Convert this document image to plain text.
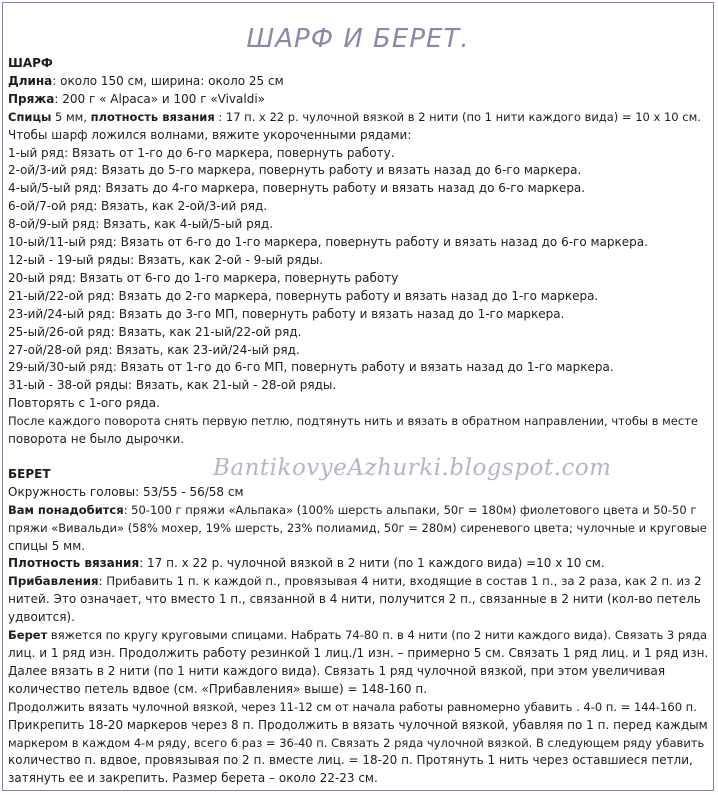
ШАРФ И БЕРЕТ.

ШАРФ

Длина: около 150 см, ширина: около 25 см

Пряжа: 200 г « Alpaca» и 100 г «Vivaldi»

Спицы 5 мм, плотность вязания : 17 п. х 22 р. чулочной вязкой в 2 нити (по 1 нити каждого вида) = 10 х 10 см.

Чтобы шарф ложился волнами, вяжите укороченными рядами:

1-ый ряд: Вязать от 1-го до 6-го маркера, повернуть работу.

2-ой/3-ий ряд: Вязать до 5-го маркера, повернуть работу и вязать назад до 6-го маркера.

4-ый/5-ый ряд: Вязать до 4-го маркера, повернуть работу и вязать назад до 6-го маркера.

6-ой/7-ой ряд: Вязать, как 2-ой/3-ий ряд.

8-ой/9-ый ряд: Вязать, как 4-ый/5-ый ряд.

10-ый/11-ый ряд: Вязать от 6-го до 1-го маркера, повернуть работу и вязать назад до 6-го маркера.

12-ый - 19-ый ряды: Вязать, как 2-ой - 9-ый ряды.

20-ый ряд: Вязать от 6-го до 1-го маркера, повернуть работу

21-ый/22-ой ряд: Вязать до 2-го маркера, повернуть работу и вязать назад до 1-го маркера.

23-ий/24-ый ряд: Вязать до 3-го МП, повернуть работу и вязать назад до 1-го маркера.

25-ый/26-ой ряд: Вязать, как 21-ый/22-ой ряд.

27-ой/28-ой ряд: Вязать, как 23-ий/24-ый ряд.

29-ый/30-ый ряд: Вязать от 1-го до 6-го МП, повернуть работу и вязать назад до 1-го маркера.

31-ый - 38-ой ряды: Вязать, как 21-ый - 28-ой ряды.

Повторять с 1-ого ряда.

После каждого поворота снять первую петлю, подтянуть нить и вязать в обратном направлении, чтобы в месте

поворота не было дырочки.

БЕРЕТ

Окружность головы: 53/55 - 56/58 см

Вам понадобится: 50-100 г пряжи «Альпака» (100% шерсть альпаки, 50г = 180м) фиолетового цвета и 50-50 г

пряжи «Вивальди» (58% мохер, 19% шерсть, 23% полиамид, 50г = 280м) сиреневого цвета; чулочные и круговые

спицы 5 мм.

Плотность вязания: 17 п. х 22 р. чулочной вязкой в 2 нити (по 1 каждого вида) =10 х 10 см.

Прибавления: Прибавить 1 п. к каждой п., провязывая 4 нити, входящие в состав 1 п., за 2 раза, как 2 п. из 2

нитей. Это означает, что вместо 1 п., связанной в 4 нити, получится 2 п., связанные в 2 нити (кол-во петель

удвоится).

Берет вяжется по кругу круговыми спицами. Набрать 74-80 п. в 4 нити (по 2 нити каждого вида). Связать 3 ряда

лиц. и 1 ряд изн. Продолжить работу резинкой 1 лиц./1 изн. – примерно 5 см. Связать 1 ряд лиц. и 1 ряд изн.

Далее вязать в 2 нити (по 1 нити каждого вида). Связать 1 ряд чулочной вязкой, при этом увеличивая

количество петель вдвое (см. «Прибавления» выше) = 148-160 п.

Продолжить вязать чулочной вязкой, через 11-12 см от начала работы равномерно убавить . 4-0 п. = 144-160 п.

Прикрепить 18-20 маркеров через 8 п. Продолжить в вязать чулочной вязкой, убавляя по 1 п. перед каждым

маркером в каждом 4-м ряду, всего 6 раз = 36-40 п. Связать 2 ряда чулочной вязкой. В следующем ряду убавить

количество п. вдвое, провязывая по 2 п. вместе лиц. = 18-20 п. Протянуть 1 нить через оставшиеся петли,

затянуть ее и закрепить. Размер берета – около 22-23 см.

BantikovyeAzhurki.blogspot.com
